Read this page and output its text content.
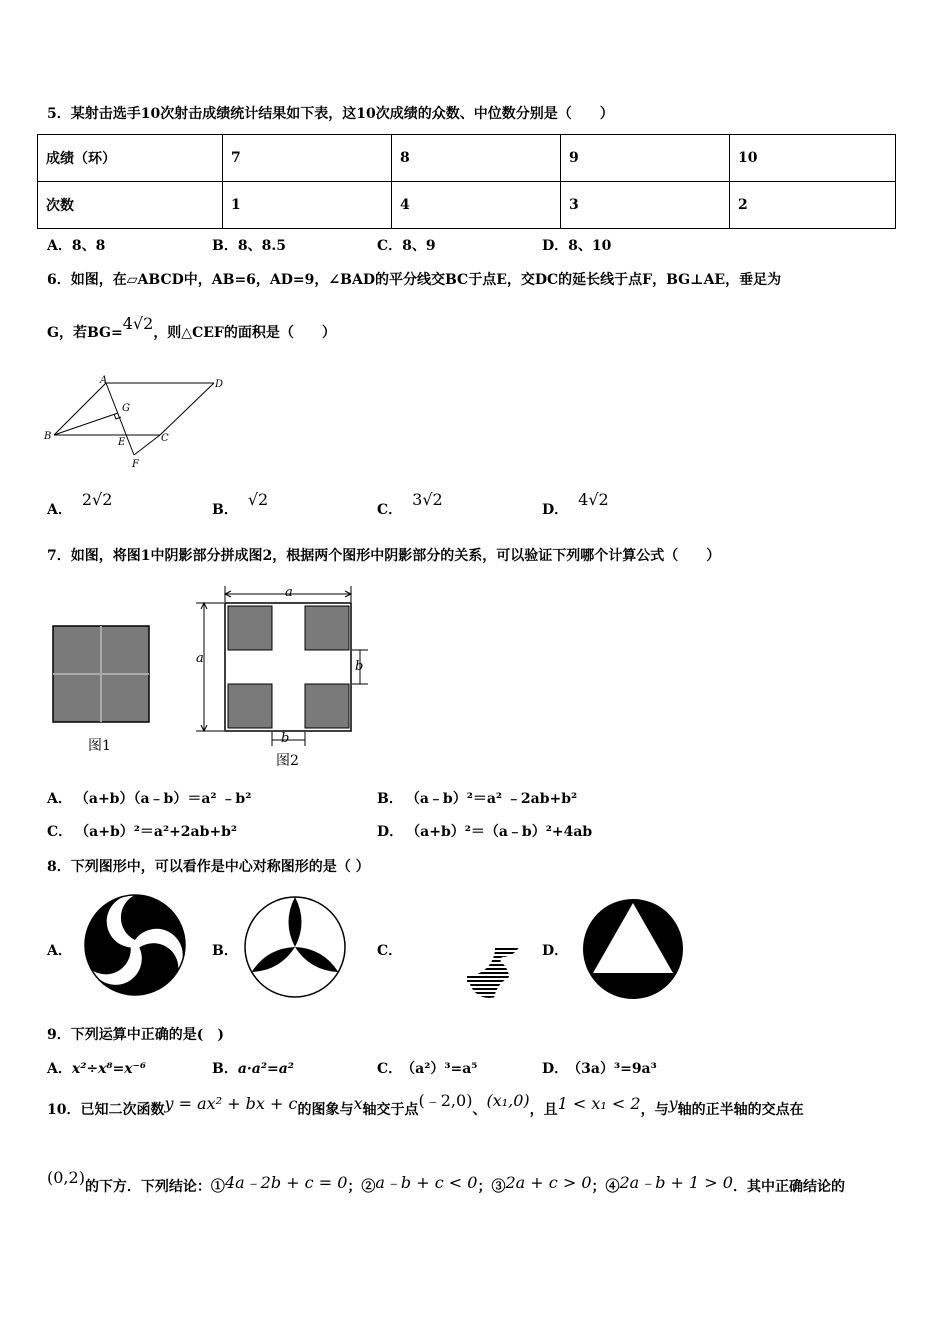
5．某射击选手10次射击成绩统计结果如下表，这10次成绩的众数、中位数分别是（　　）
成绩（环）	7	8	9	10
次数	1	4	3	2
A．8、8	B．8、8.5	C．8、9	D．8、10
6．如图，在▱ABCD中，AB=6，AD=9，∠BAD的平分线交BC于点E，交DC的延长线于点F，BG⊥AE，垂足为
G，若BG=4√2，则△CEF的面积是（　　）
A	D
G
B
E	C
F
A．2√2
B．√2
C．3√2
D．4√2
7．如图，将图1中阴影部分拼成图2，根据两个图形中阴影部分的关系，可以验证下列哪个计算公式（　　）
图1
a
a
b
b
图2
A． （a+b）（a﹣b）＝a² ﹣b²	B． （a﹣b）²＝a² ﹣2ab+b²
C． （a+b）²＝a²+2ab+b²	D． （a+b）²＝（a﹣b）²+4ab
8．下列图形中，可以看作是中心对称图形的是（ ）
A．	B．	C．	D．
9．下列运算中正确的是(　)
A．x²÷x⁸=x⁻⁶	B．a·a²=a²	C． （a²）³=a⁵	D． （3a）³=9a³
10．已知二次函数y = ax² + bx + c的图象与x轴交于点(﹣2,0)、(x₁,0)，且1 < x₁ < 2，与y轴的正半轴的交点在
(0,2)的下方．下列结论：①4a﹣2b + c = 0；②a﹣b + c < 0；③2a + c > 0；④2a﹣b + 1 > 0．其中正确结论的
